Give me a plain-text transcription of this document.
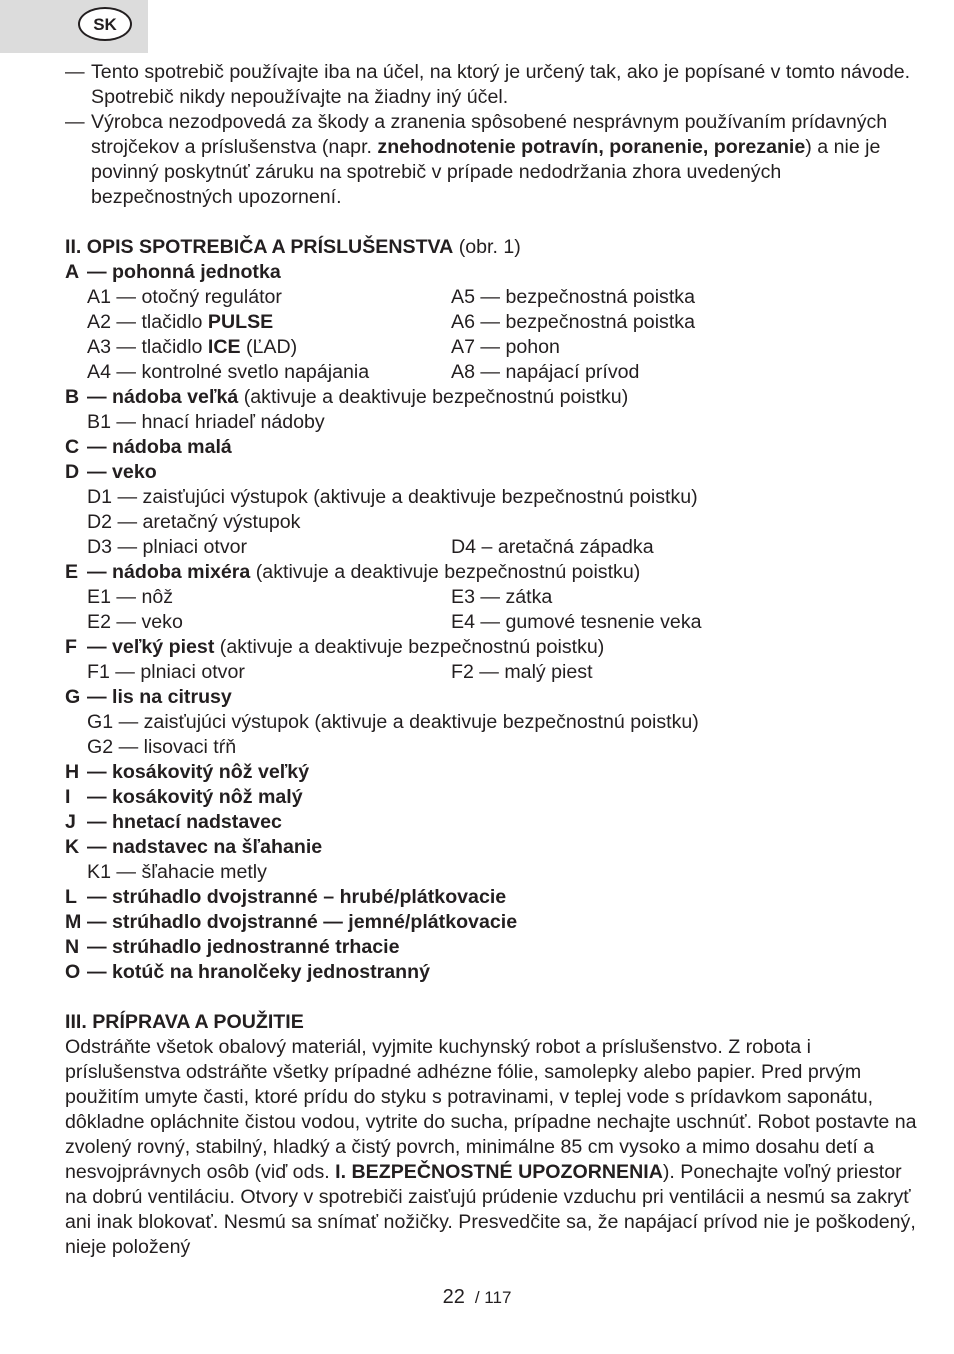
SK
— Tento spotrebič používajte iba na účel, na ktorý je určený tak, ako je popísané v tomto návode. Spotrebič nikdy nepoužívajte na žiadny iný účel.
— Výrobca nezodpovedá za škody a zranenia spôsobené nesprávnym používaním prídavných strojčekov a príslušenstva (napr. znehodnotenie potravín, poranenie, porezanie) a nie je povinný poskytnúť záruku na spotrebič v prípade nedodržania zhora uvedených bezpečnostných upozornení.
II. OPIS SPOTREBIČA A PRÍSLUŠENSTVA (obr. 1)
A — pohonná jednotka
A1 — otočný regulátor	A5 — bezpečnostná poistka
A2 — tlačidlo PULSE	A6 — bezpečnostná poistka
A3 — tlačidlo ICE (ĽAD)	A7 — pohon
A4 — kontrolné svetlo napájania	A8 — napájací prívod
B — nádoba veľká (aktivuje a deaktivuje bezpečnostnú poistku)
B1 — hnací hriadeľ nádoby
C — nádoba malá
D — veko
D1 — zaisťujúci výstupok (aktivuje a deaktivuje bezpečnostnú poistku)
D2 — aretačný výstupok
D3 — plniaci otvor	D4 – aretačná západka
E — nádoba mixéra (aktivuje a deaktivuje bezpečnostnú poistku)
E1 — nôž	E3 — zátka
E2 — veko	E4 — gumové tesnenie veka
F — veľký piest (aktivuje a deaktivuje bezpečnostnú poistku)
F1 — plniaci otvor	F2 — malý piest
G — lis na citrusy
G1 — zaisťujúci výstupok (aktivuje a deaktivuje bezpečnostnú poistku)
G2 — lisovaci tŕň
H — kosákovitý nôž veľký
I — kosákovitý nôž malý
J — hnetací nadstavec
K — nadstavec na šľahanie
K1 — šľahacie metly
L — strúhadlo dvojstranné – hrubé/plátkovacie
M — strúhadlo dvojstranné — jemné/plátkovacie
N — strúhadlo jednostranné trhacie
O — kotúč na hranolčeky jednostranný
III. PRÍPRAVA A POUŽITIE
Odstráňte všetok obalový materiál, vyjmite kuchynský robot a príslušenstvo. Z robota i príslušenstva odstráňte všetky prípadné adhézne fólie, samolepky alebo papier. Pred prvým použitím umyte časti, ktoré prídu do styku s potravinami, v teplej vode s prídavkom saponátu, dôkladne opláchnite čistou vodou, vytrite do sucha, prípadne nechajte uschnúť. Robot postavte na zvolený rovný, stabilný, hladký a čistý povrch, minimálne 85 cm vysoko a mimo dosahu detí a nesvojprávnych osôb (viď ods. I. BEZPEČNOSTNÉ UPOZORNENIA). Ponechajte voľný priestor na dobrú ventiláciu. Otvory v spotrebiči zaisťujú prúdenie vzduchu pri ventilácii a nesmú sa zakryť ani inak blokovať. Nesmú sa snímať nožičky. Presvedčite sa, že napájací prívod nie je poškodený, nieje položený
22 / 117
